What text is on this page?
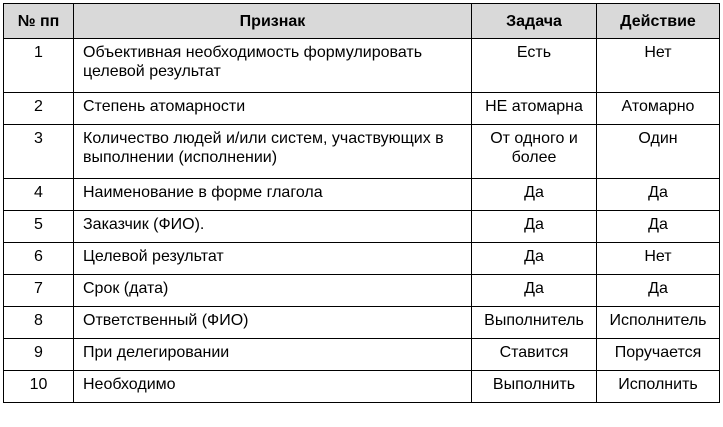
№ пп	Признак	Задача	Действие
1	Объективная необходимость формулировать целевой результат	Есть	Нет
2	Степень атомарности	НЕ атомарна	Атомарно
3	Количество людей и/или систем, участвующих в выполнении (исполнении)	От одного и более	Один
4	Наименование в форме глагола	Да	Да
5	Заказчик (ФИО).	Да	Да
6	Целевой результат	Да	Нет
7	Срок (дата)	Да	Да
8	Ответственный (ФИО)	Выполнитель	Исполнитель
9	При делегировании	Ставится	Поручается
10	Необходимо	Выполнить	Исполнить
